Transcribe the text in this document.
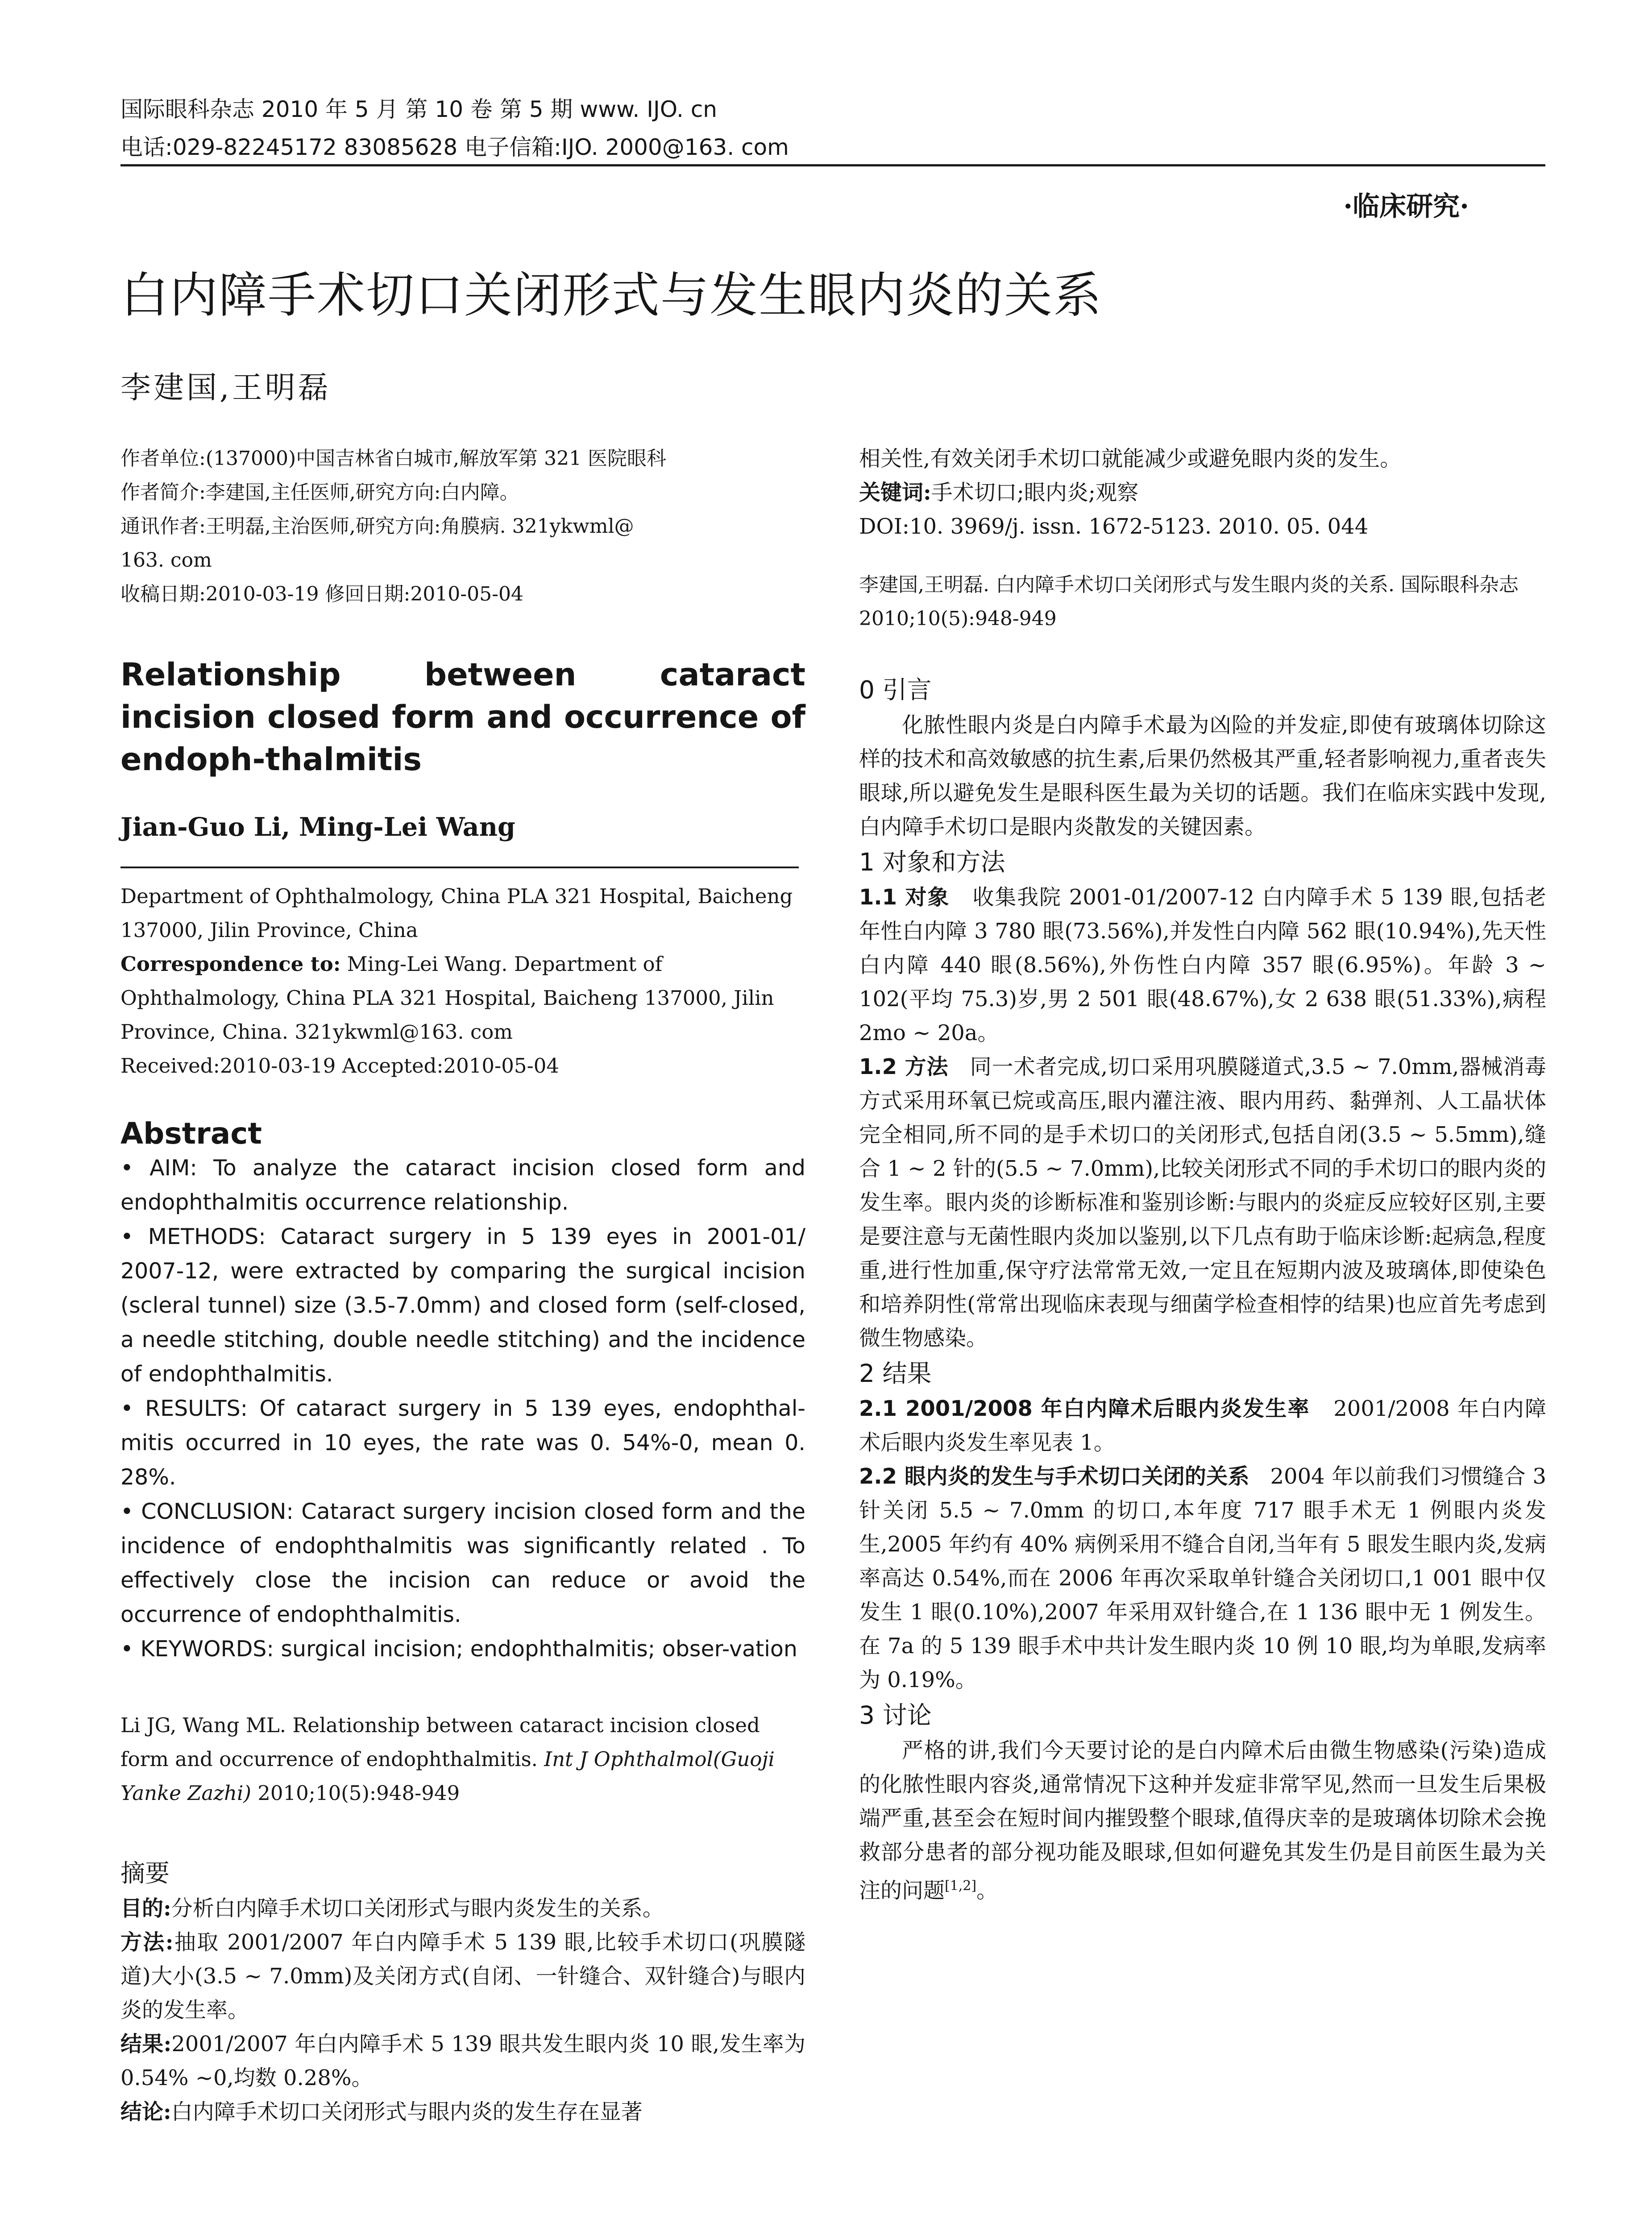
国际眼科杂志 2010 年 5 月 第 10 卷 第 5 期 www. IJO. cn
电话:029-82245172 83085628 电子信箱:IJO. 2000@163. com
·临床研究·
白内障手术切口关闭形式与发生眼内炎的关系
李建国,王明磊

作者单位:(137000)中国吉林省白城市,解放军第 321 医院眼科

作者简介:李建国,主任医师,研究方向:白内障。

通讯作者:王明磊,主治医师,研究方向:角膜病. 321ykwml@

163. com

收稿日期:2010-03-19 修回日期:2010-05-04

Relationship between cataract incision closed form and occurrence of endoph-thalmitis

Jian-Guo Li, Ming-Lei Wang

Department of Ophthalmology, China PLA 321 Hospital, Baicheng 137000, Jilin Province, China

Correspondence to: Ming-Lei Wang. Department of Ophthalmology, China PLA 321 Hospital, Baicheng 137000, Jilin Province, China. 321ykwml@163. com

Received:2010-03-19 Accepted:2010-05-04

Abstract

• AIM: To analyze the cataract incision closed form and endophthalmitis occurrence relationship.

• METHODS: Cataract surgery in 5 139 eyes in 2001-01/ 2007-12, were extracted by comparing the surgical incision (scleral tunnel) size (3.5-7.0mm) and closed form (self-closed, a needle stitching, double needle stitching) and the incidence of endophthalmitis.

• RESULTS: Of cataract surgery in 5 139 eyes, endophthal-mitis occurred in 10 eyes, the rate was 0. 54%-0, mean 0. 28%.

• CONCLUSION: Cataract surgery incision closed form and the incidence of endophthalmitis was significantly related . To effectively close the incision can reduce or avoid the occurrence of endophthalmitis.

• KEYWORDS: surgical incision; endophthalmitis; obser-vation

Li JG, Wang ML. Relationship between cataract incision closed form and occurrence of endophthalmitis. Int J Ophthalmol(Guoji Yanke Zazhi) 2010;10(5):948-949

摘要

目的:分析白内障手术切口关闭形式与眼内炎发生的关系。

方法:抽取 2001/2007 年白内障手术 5 139 眼,比较手术切口(巩膜隧道)大小(3.5 ~ 7.0mm)及关闭方式(自闭、一针缝合、双针缝合)与眼内炎的发生率。

结果:2001/2007 年白内障手术 5 139 眼共发生眼内炎 10 眼,发生率为 0.54% ~0,均数 0.28%。

结论:白内障手术切口关闭形式与眼内炎的发生存在显著

相关性,有效关闭手术切口就能减少或避免眼内炎的发生。

关键词:手术切口;眼内炎;观察

DOI:10. 3969/j. issn. 1672-5123. 2010. 05. 044

李建国,王明磊. 白内障手术切口关闭形式与发生眼内炎的关系. 国际眼科杂志 2010;10(5):948-949

0 引言

化脓性眼内炎是白内障手术最为凶险的并发症,即使有玻璃体切除这样的技术和高效敏感的抗生素,后果仍然极其严重,轻者影响视力,重者丧失眼球,所以避免发生是眼科医生最为关切的话题。我们在临床实践中发现,白内障手术切口是眼内炎散发的关键因素。

1 对象和方法

1.1 对象 收集我院 2001-01/2007-12 白内障手术 5 139 眼,包括老年性白内障 3 780 眼(73.56%),并发性白内障 562 眼(10.94%),先天性白内障 440 眼(8.56%),外伤性白内障 357 眼(6.95%)。年龄 3 ~ 102(平均 75.3)岁,男 2 501 眼(48.67%),女 2 638 眼(51.33%),病程 2mo ~ 20a。

1.2 方法 同一术者完成,切口采用巩膜隧道式,3.5 ~ 7.0mm,器械消毒方式采用环氧已烷或高压,眼内灌注液、眼内用药、黏弹剂、人工晶状体完全相同,所不同的是手术切口的关闭形式,包括自闭(3.5 ~ 5.5mm),缝合 1 ~ 2 针的(5.5 ~ 7.0mm),比较关闭形式不同的手术切口的眼内炎的发生率。眼内炎的诊断标准和鉴别诊断:与眼内的炎症反应较好区别,主要是要注意与无菌性眼内炎加以鉴别,以下几点有助于临床诊断:起病急,程度重,进行性加重,保守疗法常常无效,一定且在短期内波及玻璃体,即使染色和培养阴性(常常出现临床表现与细菌学检查相悖的结果)也应首先考虑到微生物感染。

2 结果

2.1 2001/2008 年白内障术后眼内炎发生率 2001/2008 年白内障术后眼内炎发生率见表 1。

2.2 眼内炎的发生与手术切口关闭的关系 2004 年以前我们习惯缝合 3 针关闭 5.5 ~ 7.0mm 的切口,本年度 717 眼手术无 1 例眼内炎发生,2005 年约有 40% 病例采用不缝合自闭,当年有 5 眼发生眼内炎,发病率高达 0.54%,而在 2006 年再次采取单针缝合关闭切口,1 001 眼中仅发生 1 眼(0.10%),2007 年采用双针缝合,在 1 136 眼中无 1 例发生。在 7a 的 5 139 眼手术中共计发生眼内炎 10 例 10 眼,均为单眼,发病率为 0.19%。

3 讨论

严格的讲,我们今天要讨论的是白内障术后由微生物感染(污染)造成的化脓性眼内容炎,通常情况下这种并发症非常罕见,然而一旦发生后果极端严重,甚至会在短时间内摧毁整个眼球,值得庆幸的是玻璃体切除术会挽救部分患者的部分视功能及眼球,但如何避免其发生仍是目前医生最为关注的问题[1,2]。
